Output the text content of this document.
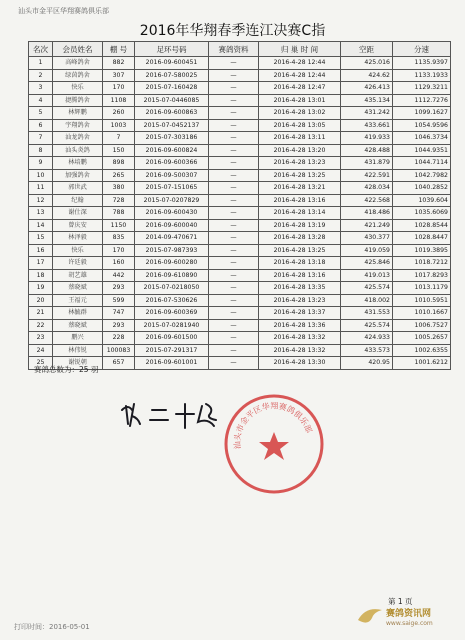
汕头市金平区华翔赛鸽俱乐部
2016年华翔春季连江决赛C指
名次	会员姓名	棚 号	足环号码	赛鸽资料	归 巢 时 间	空距	分速
1	高峰鸽舍	882	2016-09-600451	—	2016-4-28 12:44	425.016	1135.9397
2	绿茵鸽舍	307	2016-07-580025	—	2016-4-28 12:44	424.62	1133.1933
3	快乐	170	2015-07-160428	—	2016-4-28 12:47	426.413	1129.3211
4	捷腾鸽舍	1108	2015-07-0446085	—	2016-4-28 13:01	435.134	1112.7276
5	林辉鹏	260	2016-09-600863	—	2016-4-28 13:02	431.242	1099.1627
6	宇翔鸽舍	1003	2015-07-0452137	—	2016-4-28 13:05	433.661	1054.9596
7	汕龙鸽舍	7	2015-07-303186	—	2016-4-28 13:11	419.933	1046.3734
8	汕头炎鸽	150	2016-09-600824	—	2016-4-28 13:20	428.488	1044.9351
9	林培鹏	898	2016-09-600366	—	2016-4-28 13:23	431.879	1044.7114
10	加强鸽舍	265	2016-09-500307	—	2016-4-28 13:25	422.591	1042.7982
11	郭世武	380	2015-07-151065	—	2016-4-28 13:21	428.034	1040.2852
12	纪翰	728	2015-07-0207829	—	2016-4-28 13:16	422.568	1039.604
13	谢仕深	788	2016-09-600430	—	2016-4-28 13:14	418.486	1035.6069
14	曾庆安	1150	2016-09-600040	—	2016-4-28 13:19	421.249	1028.8544
15	林泽毅	835	2014-09-470671	—	2016-4-28 13:28	430.377	1028.8447
16	快乐	170	2015-07-987393	—	2016-4-28 13:25	419.059	1019.3895
17	许廷毅	160	2016-09-600280	—	2016-4-28 13:18	425.846	1018.7212
18	胡艺雄	442	2016-09-610890	—	2016-4-28 13:16	419.013	1017.8293
19	蔡晓斌	293	2015-07-0218050	—	2016-4-28 13:35	425.574	1013.1179
20	王福元	599	2016-07-530626	—	2016-4-28 13:23	418.002	1010.5951
21	林毓群	747	2016-09-600369	—	2016-4-28 13:37	431.553	1010.1667
22	蔡晓斌	293	2015-07-0281940	—	2016-4-28 13:36	425.574	1006.7527
23	鹏兴	228	2016-09-601500	—	2016-4-28 13:32	424.933	1005.2657
24	林伟锐	100083	2015-07-291317	—	2016-4-28 13:32	433.573	1002.6355
25	谢锐朝	657	2016-09-601001	—	2016-4-28 13:30	420.95	1001.6212
赛鸽总数为：25 羽
汕头市金平区华翔赛鸽俱乐部
第 1 页
打印时间：2016-05-01
赛鸽资讯网
www.saige.com
